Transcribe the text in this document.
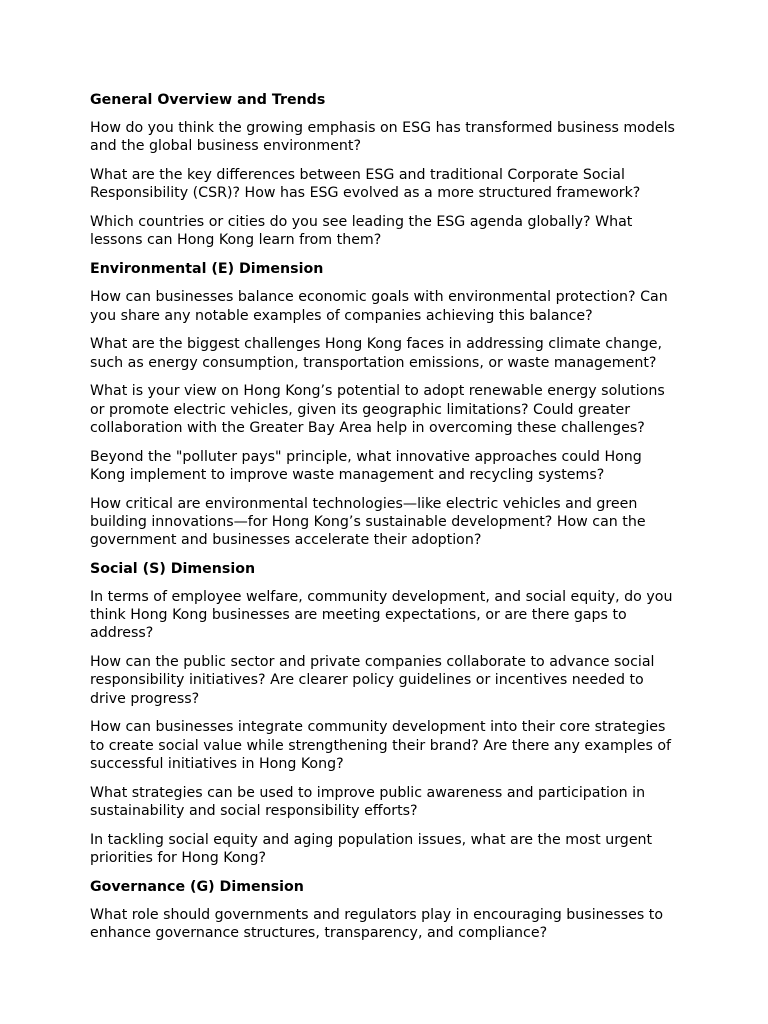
General Overview and Trends
How do you think the growing emphasis on ESG has transformed business models and the global business environment?
What are the key differences between ESG and traditional Corporate Social Responsibility (CSR)? How has ESG evolved as a more structured framework?
Which countries or cities do you see leading the ESG agenda globally? What lessons can Hong Kong learn from them?
Environmental (E) Dimension
How can businesses balance economic goals with environmental protection? Can you share any notable examples of companies achieving this balance?
What are the biggest challenges Hong Kong faces in addressing climate change, such as energy consumption, transportation emissions, or waste management?
What is your view on Hong Kong’s potential to adopt renewable energy solutions or promote electric vehicles, given its geographic limitations? Could greater collaboration with the Greater Bay Area help in overcoming these challenges?
Beyond the "polluter pays" principle, what innovative approaches could Hong Kong implement to improve waste management and recycling systems?
How critical are environmental technologies—like electric vehicles and green building innovations—for Hong Kong’s sustainable development? How can the government and businesses accelerate their adoption?
Social (S) Dimension
In terms of employee welfare, community development, and social equity, do you think Hong Kong businesses are meeting expectations, or are there gaps to address?
How can the public sector and private companies collaborate to advance social responsibility initiatives? Are clearer policy guidelines or incentives needed to drive progress?
How can businesses integrate community development into their core strategies to create social value while strengthening their brand? Are there any examples of successful initiatives in Hong Kong?
What strategies can be used to improve public awareness and participation in sustainability and social responsibility efforts?
In tackling social equity and aging population issues, what are the most urgent priorities for Hong Kong?
Governance (G) Dimension
What role should governments and regulators play in encouraging businesses to enhance governance structures, transparency, and compliance?
